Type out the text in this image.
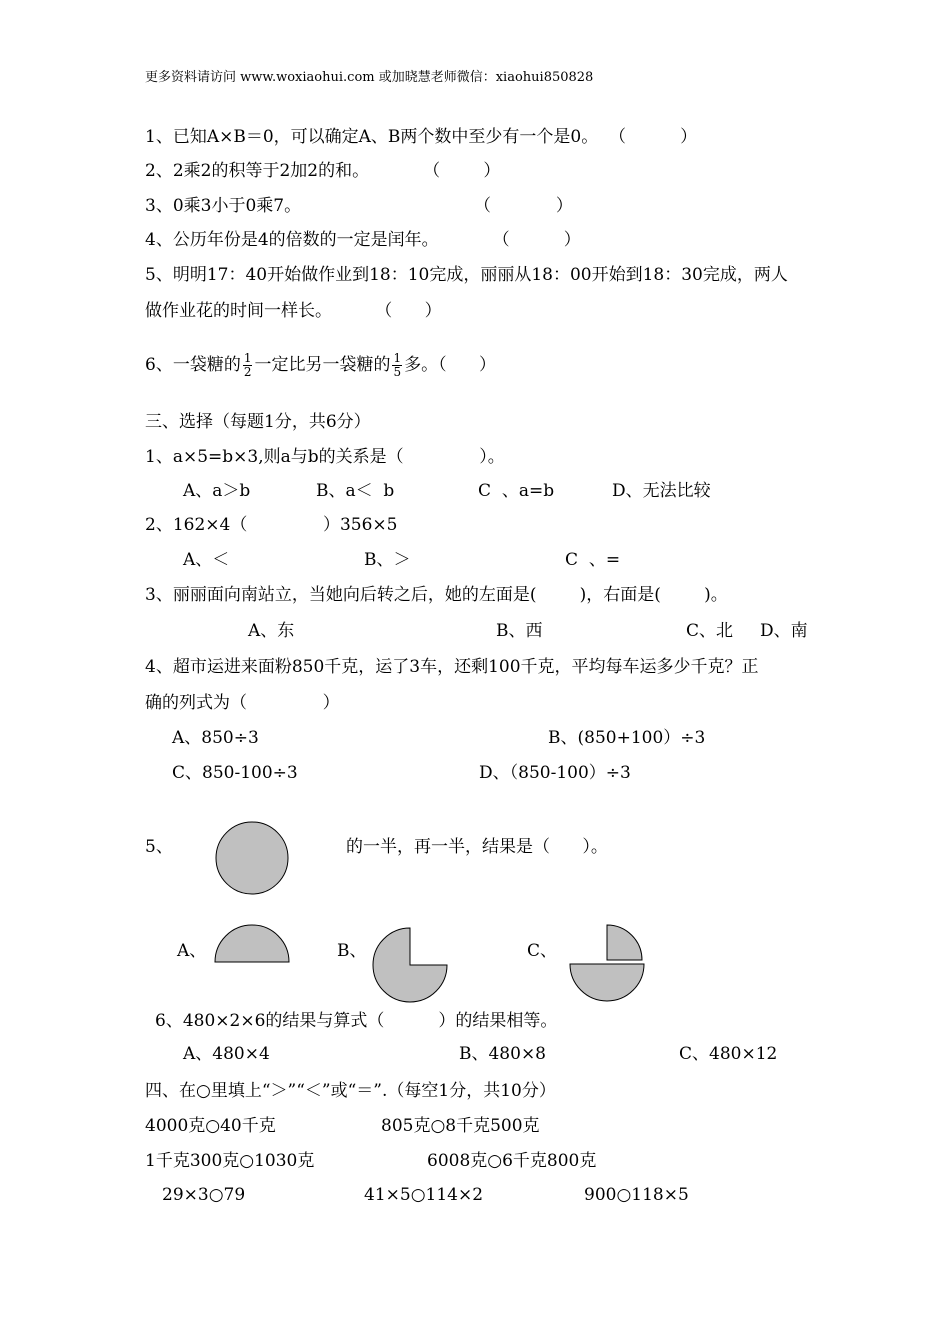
更多资料请访问 www.woxiaohui.com 或加晓慧老师微信：xiaohui850828
1、已知A×B＝0，可以确定A、B两个数中至少有一个是0。  （          ）
2、2乘2的积等于2加2的和。          （        ）
3、0乘3小于0乘7。                                （            ）
4、公历年份是4的倍数的一定是闰年。          （          ）
5、明明17：40开始做作业到18：10完成，丽丽从18：00开始到18：30完成，两人
做作业花的时间一样长。        （      ）
6、一袋糖的 $\frac{1}{2}$ 一定比另一袋糖的 $\frac{1}{5}$ 多。（      ）
三、选择（每题1分，共6分）
1、a×5=b×3,则a与b的关系是（              ）。
A、a＞b	B、a＜  b	C  、a=b	D、无法比较
2、162×4（              ）356×5
A、＜	B、＞	C  、=
3、丽丽面向南站立，当她向后转之后，她的左面是(        )，右面是(        )。
A、东	B、西	C、北 D、南
4、超市运进来面粉850千克，运了3车，还剩100千克，平均每车运多少千克？正
确的列式为（              ）
A、850÷3	B、(850+100）÷3
C、850-100÷3	D、（850-100）÷3
5、	的一半，再一半，结果是（      ）。
A、	B、	C、
6、480×2×6的结果与算式（          ）的结果相等。
A、480×4	B、480×8	C、480×12
四、在○里填上“＞”“＜”或“＝”.（每空1分，共10分）
4000克○40千克	805克○8千克500克
1千克300克○1030克	6008克○6千克800克
29×3○79	41×5○114×2	900○118×5
